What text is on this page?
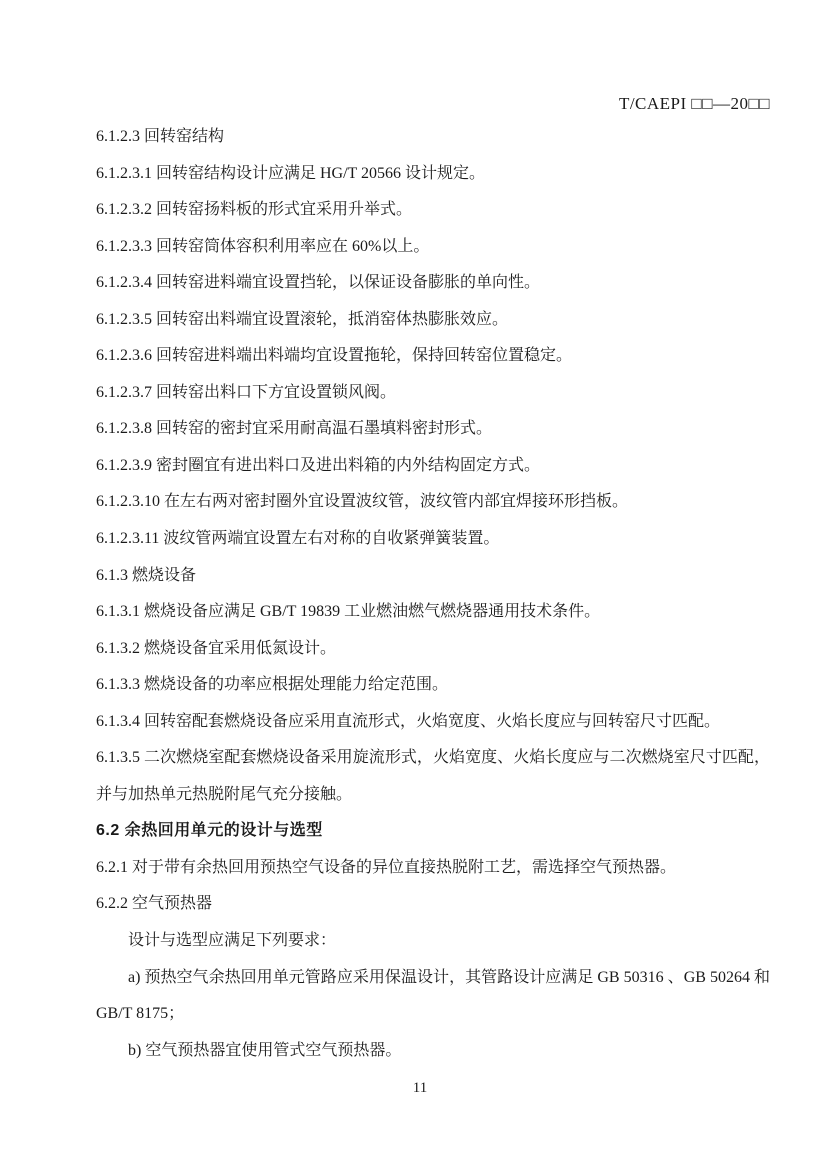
T/CAEPI □□—20□□

6.1.2.3 回转窑结构

6.1.2.3.1 回转窑结构设计应满足 HG/T 20566 设计规定。

6.1.2.3.2 回转窑扬料板的形式宜采用升举式。

6.1.2.3.3 回转窑筒体容积利用率应在 60%以上。

6.1.2.3.4 回转窑进料端宜设置挡轮，以保证设备膨胀的单向性。

6.1.2.3.5 回转窑出料端宜设置滚轮，抵消窑体热膨胀效应。

6.1.2.3.6 回转窑进料端出料端均宜设置拖轮，保持回转窑位置稳定。

6.1.2.3.7 回转窑出料口下方宜设置锁风阀。

6.1.2.3.8 回转窑的密封宜采用耐高温石墨填料密封形式。

6.1.2.3.9 密封圈宜有进出料口及进出料箱的内外结构固定方式。

6.1.2.3.10 在左右两对密封圈外宜设置波纹管，波纹管内部宜焊接环形挡板。

6.1.2.3.11 波纹管两端宜设置左右对称的自收紧弹簧装置。

6.1.3 燃烧设备

6.1.3.1 燃烧设备应满足 GB/T 19839 工业燃油燃气燃烧器通用技术条件。

6.1.3.2 燃烧设备宜采用低氮设计。

6.1.3.3 燃烧设备的功率应根据处理能力给定范围。

6.1.3.4 回转窑配套燃烧设备应采用直流形式，火焰宽度、火焰长度应与回转窑尺寸匹配。

6.1.3.5 二次燃烧室配套燃烧设备采用旋流形式，火焰宽度、火焰长度应与二次燃烧室尺寸匹配，并与加热单元热脱附尾气充分接触。

6.2 余热回用单元的设计与选型

6.2.1 对于带有余热回用预热空气设备的异位直接热脱附工艺，需选择空气预热器。

6.2.2 空气预热器

设计与选型应满足下列要求：

a) 预热空气余热回用单元管路应采用保温设计，其管路设计应满足 GB 50316 、GB 50264 和 GB/T 8175；

b) 空气预热器宜使用管式空气预热器。

11
